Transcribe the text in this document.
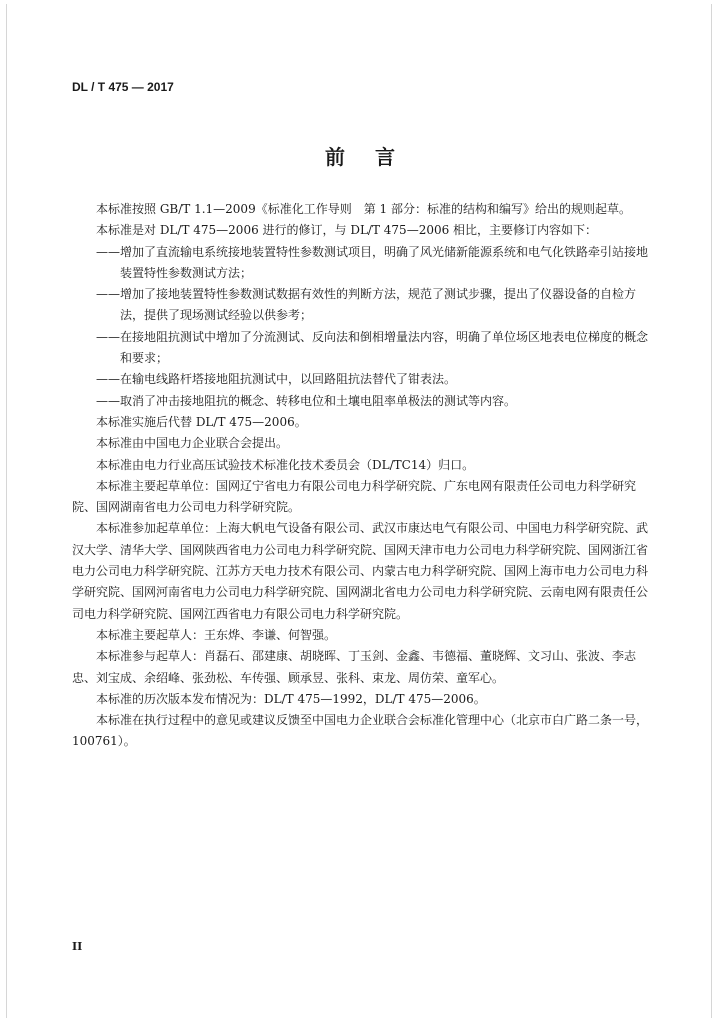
DL / T 475 — 2017
前言

本标准按照 GB/T 1.1—2009《标准化工作导则　第 1 部分：标准的结构和编写》给出的规则起草。

本标准是对 DL/T 475—2006 进行的修订，与 DL/T 475—2006 相比，主要修订内容如下：

——增加了直流输电系统接地装置特性参数测试项目，明确了风光储新能源系统和电气化铁路牵引站接地装置特性参数测试方法；

——增加了接地装置特性参数测试数据有效性的判断方法，规范了测试步骤，提出了仪器设备的自检方法，提供了现场测试经验以供参考；

——在接地阻抗测试中增加了分流测试、反向法和倒相增量法内容，明确了单位场区地表电位梯度的概念和要求；

——在输电线路杆塔接地阻抗测试中，以回路阻抗法替代了钳表法。

——取消了冲击接地阻抗的概念、转移电位和土壤电阻率单极法的测试等内容。

本标准实施后代替 DL/T 475—2006。

本标准由中国电力企业联合会提出。

本标准由电力行业高压试验技术标准化技术委员会（DL/TC14）归口。

本标准主要起草单位：国网辽宁省电力有限公司电力科学研究院、广东电网有限责任公司电力科学研究院、国网湖南省电力公司电力科学研究院。

本标准参加起草单位：上海大帆电气设备有限公司、武汉市康达电气有限公司、中国电力科学研究院、武汉大学、清华大学、国网陕西省电力公司电力科学研究院、国网天津市电力公司电力科学研究院、国网浙江省电力公司电力科学研究院、江苏方天电力技术有限公司、内蒙古电力科学研究院、国网上海市电力公司电力科学研究院、国网河南省电力公司电力科学研究院、国网湖北省电力公司电力科学研究院、云南电网有限责任公司电力科学研究院、国网江西省电力有限公司电力科学研究院。

本标准主要起草人：王东烨、李谦、何智强。

本标准参与起草人：肖磊石、邵建康、胡晓晖、丁玉剑、金鑫、韦德福、董晓辉、文习山、张波、李志忠、刘宝成、余绍峰、张劲松、车传强、顾承昱、张科、束龙、周仿荣、童军心。

本标准的历次版本发布情况为：DL/T 475—1992，DL/T 475—2006。

本标准在执行过程中的意见或建议反馈至中国电力企业联合会标准化管理中心（北京市白广路二条一号，100761）。

II
